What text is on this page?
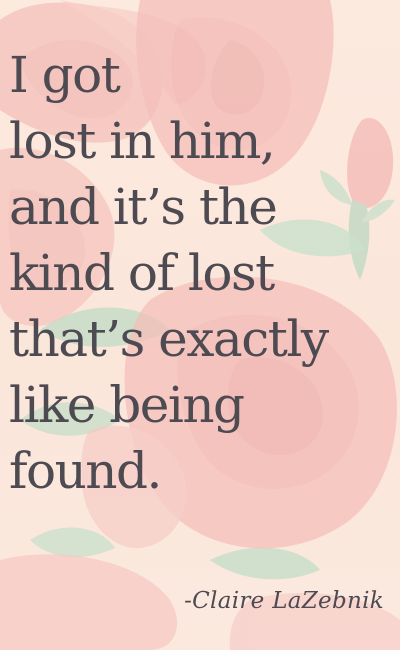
I got
lost in him,
and it’s the
kind of lost
that’s exactly
like being
found.
-Claire LaZebnik
